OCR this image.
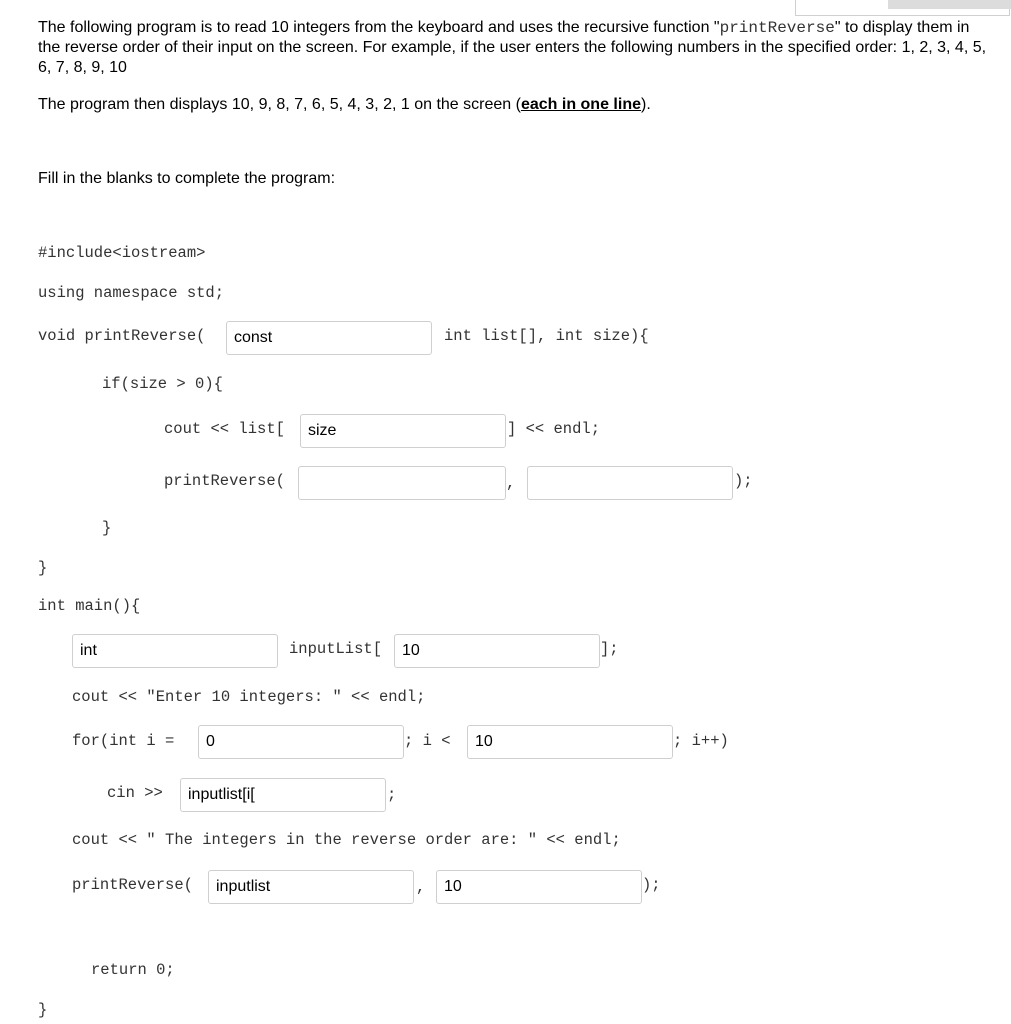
The following program is to read 10 integers from the keyboard and uses the recursive function "printReverse" to display them in the reverse order of their input on the screen. For example, if the user enters the following numbers in the specified order: 1, 2, 3, 4, 5, 6, 7, 8, 9, 10
The program then displays 10, 9, 8, 7, 6, 5, 4, 3, 2, 1 on the screen (each in one line).
Fill in the blanks to complete the program:
#include<iostream>
using namespace std;
void printReverse(
const	int list[], int size){
if(size > 0){
cout << list[
size	] << endl;
printReverse(	,	);
}
}
int main(){
int
inputList[
10	];
cout << "Enter 10 integers: " << endl;
for(int i =
0	; i <
10	; i++)
cin >>
inputlist[i[	;
cout << " The integers in the reverse order are: " << endl;
printReverse(
inputlist	,
10	);
return 0;
}
